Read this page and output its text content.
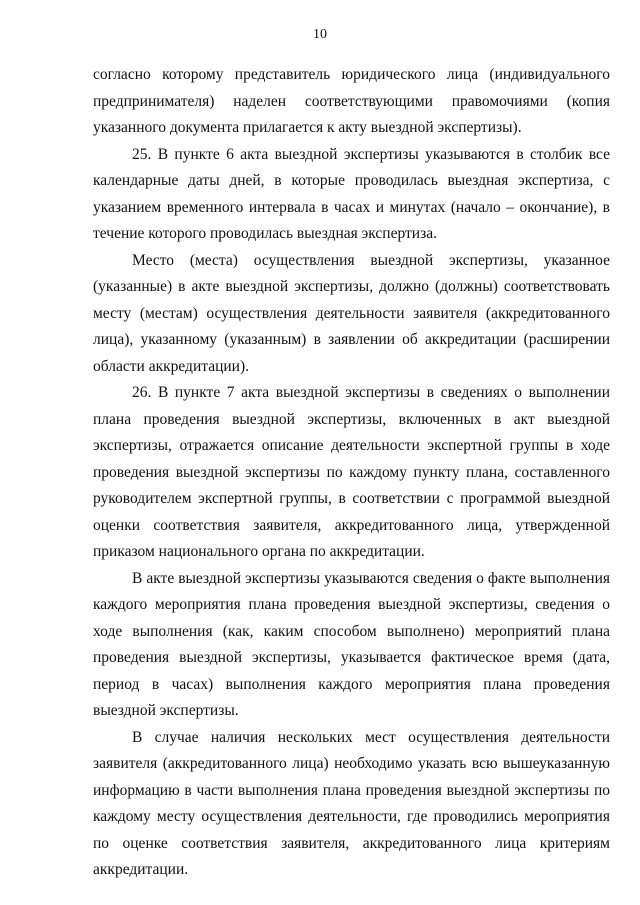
10

согласно которому представитель юридического лица (индивидуального предпринимателя) наделен соответствующими правомочиями (копия указанного документа прилагается к акту выездной экспертизы).

25. В пункте 6 акта выездной экспертизы указываются в столбик все календарные даты дней, в которые проводилась выездная экспертиза, с указанием временного интервала в часах и минутах (начало – окончание), в течение которого проводилась выездная экспертиза.

Место (места) осуществления выездной экспертизы, указанное (указанные) в акте выездной экспертизы, должно (должны) соответствовать месту (местам) осуществления деятельности заявителя (аккредитованного лица), указанному (указанным) в заявлении об аккредитации (расширении области аккредитации).

26. В пункте 7 акта выездной экспертизы в сведениях о выполнении плана проведения выездной экспертизы, включенных в акт выездной экспертизы, отражается описание деятельности экспертной группы в ходе проведения выездной экспертизы по каждому пункту плана, составленного руководителем экспертной группы, в соответствии с программой выездной оценки соответствия заявителя, аккредитованного лица, утвержденной приказом национального органа по аккредитации.

В акте выездной экспертизы указываются сведения о факте выполнения каждого мероприятия плана проведения выездной экспертизы, сведения о ходе выполнения (как, каким способом выполнено) мероприятий плана проведения выездной экспертизы, указывается фактическое время (дата, период в часах) выполнения каждого мероприятия плана проведения выездной экспертизы.

В случае наличия нескольких мест осуществления деятельности заявителя (аккредитованного лица) необходимо указать всю вышеуказанную информацию в части выполнения плана проведения выездной экспертизы по каждому месту осуществления деятельности, где проводились мероприятия по оценке соответствия заявителя, аккредитованного лица критериям аккредитации.
